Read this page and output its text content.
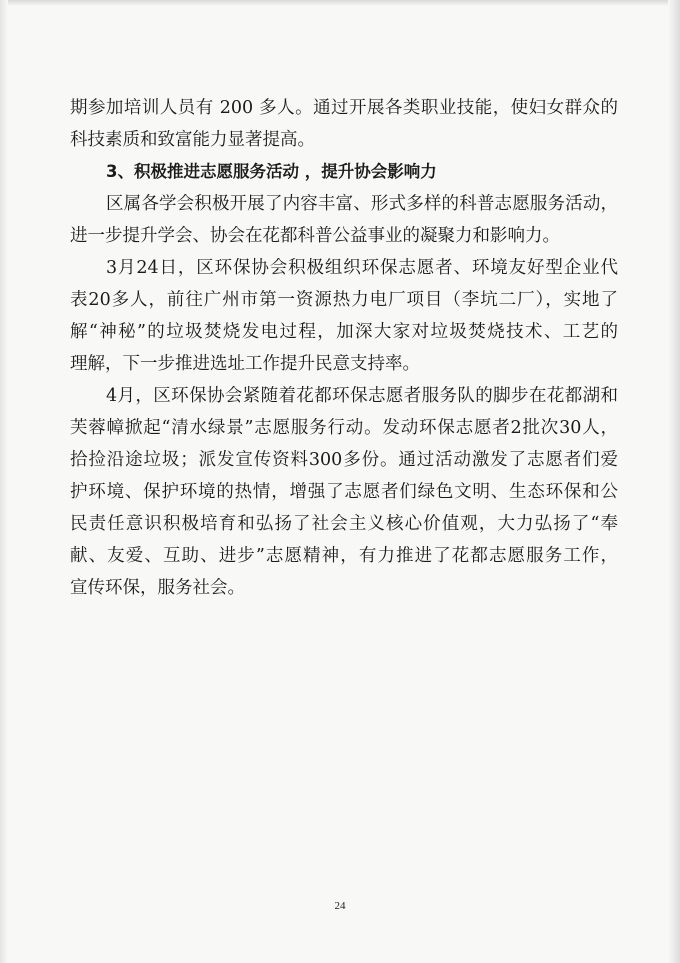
期参加培训人员有 200 多人。通过开展各类职业技能，使妇女群众的
科技素质和致富能力显著提高。
3、积极推进志愿服务活动 ，提升协会影响力
区属各学会积极开展了内容丰富、形式多样的科普志愿服务活动，
进一步提升学会、协会在花都科普公益事业的凝聚力和影响力。
3月24日，区环保协会积极组织环保志愿者、环境友好型企业代
表20多人，前往广州市第一资源热力电厂项目（李坑二厂），实地了
解“神秘”的垃圾焚烧发电过程，加深大家对垃圾焚烧技术、工艺的
理解，下一步推进选址工作提升民意支持率。
4月，区环保协会紧随着花都环保志愿者服务队的脚步在花都湖和
芙蓉幛掀起“清水绿景”志愿服务行动。发动环保志愿者2批次30人，
拾捡沿途垃圾；派发宣传资料300多份。通过活动激发了志愿者们爱
护环境、保护环境的热情，增强了志愿者们绿色文明、生态环保和公
民责任意识积极培育和弘扬了社会主义核心价值观，大力弘扬了“奉
献、友爱、互助、进步”志愿精神，有力推进了花都志愿服务工作，
宣传环保，服务社会。
24
